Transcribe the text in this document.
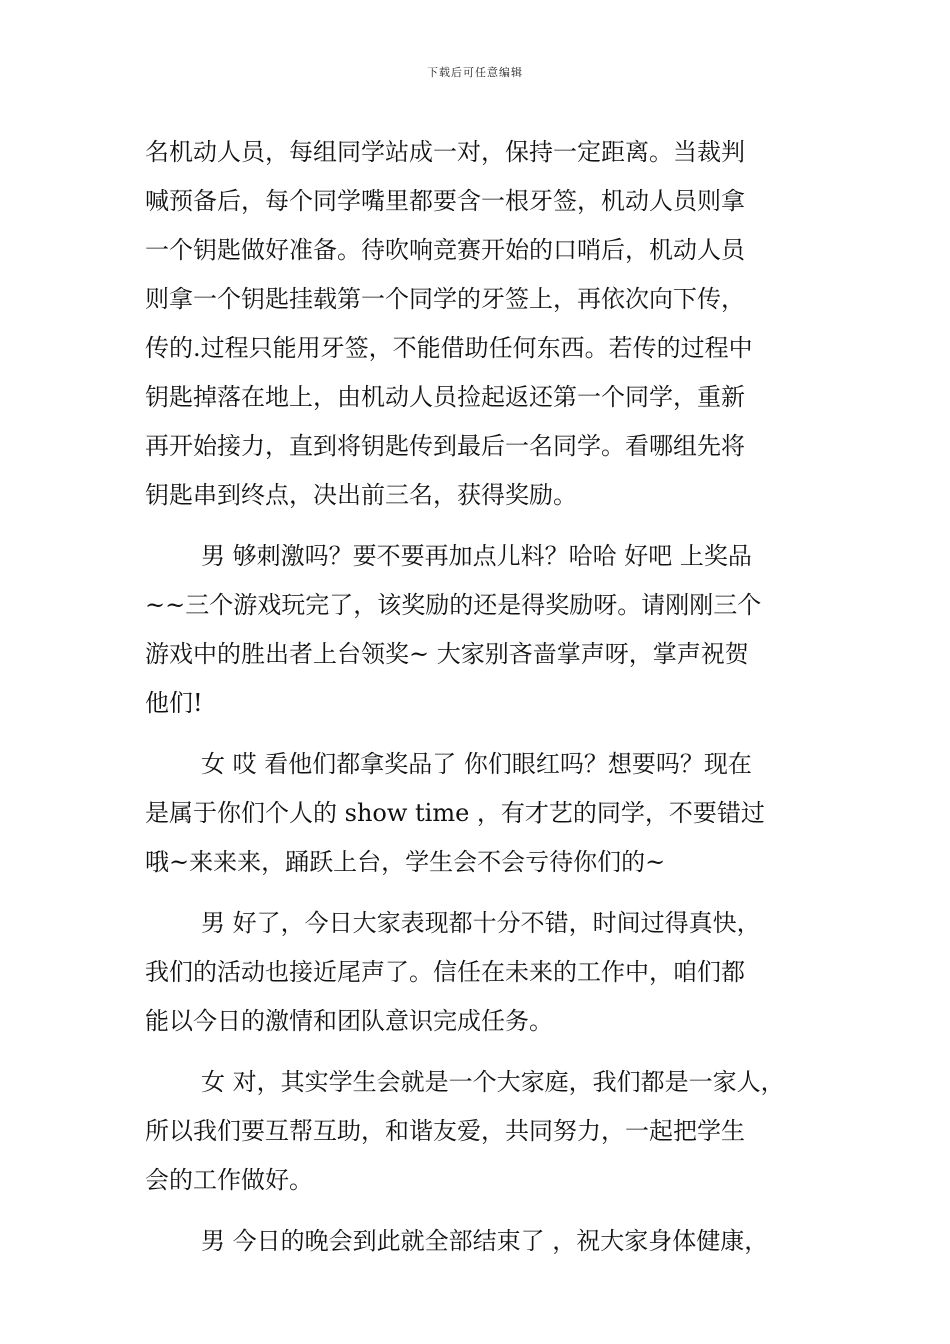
下载后可任意编辑
名机动人员，每组同学站成一对，保持一定距离。当裁判
喊预备后，每个同学嘴里都要含一根牙签，机动人员则拿
一个钥匙做好准备。待吹响竞赛开始的口哨后，机动人员
则拿一个钥匙挂载第一个同学的牙签上，再依次向下传，
传的.过程只能用牙签，不能借助任何东西。若传的过程中
钥匙掉落在地上，由机动人员捡起返还第一个同学，重新
再开始接力，直到将钥匙传到最后一名同学。看哪组先将
钥匙串到终点，决出前三名，获得奖励。
男 够刺激吗？要不要再加点儿料？哈哈 好吧 上奖品
~~三个游戏玩完了，该奖励的还是得奖励呀。请刚刚三个
游戏中的胜出者上台领奖~ 大家别吝啬掌声呀，掌声祝贺
他们!
女 哎 看他们都拿奖品了 你们眼红吗？想要吗？现在
是属于你们个人的 show time ，有才艺的同学，不要错过
哦~来来来，踊跃上台，学生会不会亏待你们的~
男 好了，今日大家表现都十分不错，时间过得真快，
我们的活动也接近尾声了。信任在未来的工作中，咱们都
能以今日的激情和团队意识完成任务。
女 对，其实学生会就是一个大家庭，我们都是一家人，
所以我们要互帮互助，和谐友爱，共同努力，一起把学生
会的工作做好。
男 今日的晚会到此就全部结束了 ，祝大家身体健康，
